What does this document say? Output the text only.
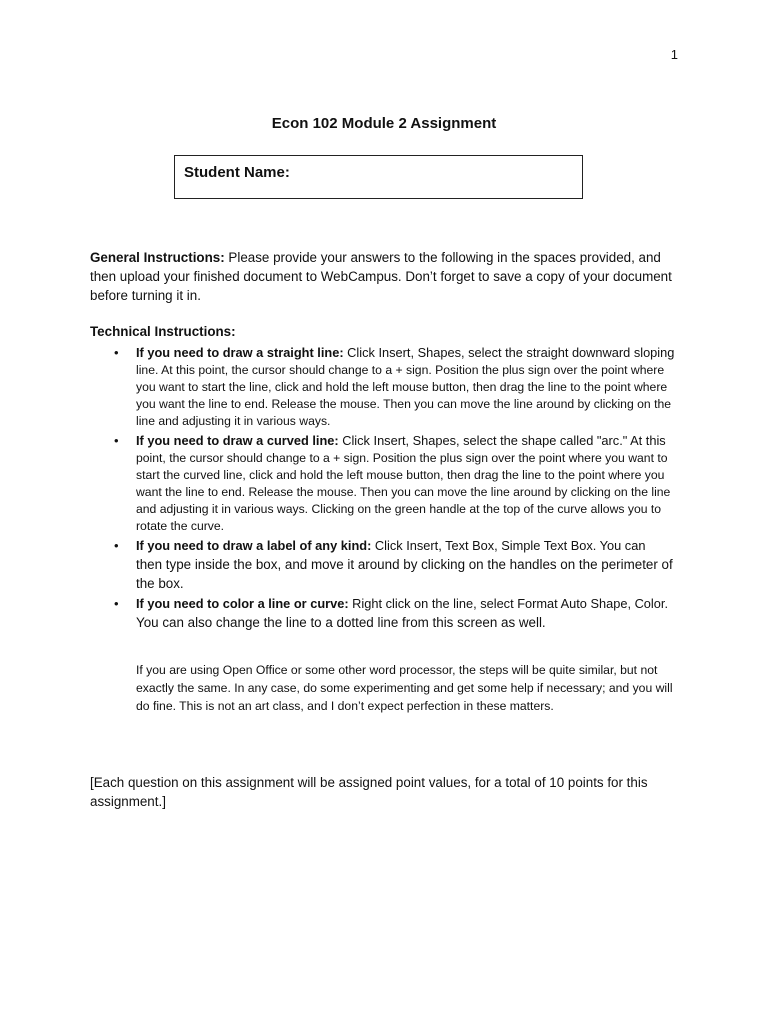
1
Econ 102 Module 2 Assignment
Student Name:
General Instructions: Please provide your answers to the following in the spaces provided, and then upload your finished document to WebCampus. Don’t forget to save a copy of your document before turning it in.
Technical Instructions:
• If you need to draw a straight line: Click Insert, Shapes, select the straight downward sloping
line. At this point, the cursor should change to a + sign. Position the plus sign over the point where you want to start the line, click and hold the left mouse button, then drag the line to the point where you want the line to end. Release the mouse. Then you can move the line around by clicking on the line and adjusting it in various ways.
• If you need to draw a curved line: Click Insert, Shapes, select the shape called "arc." At this
point, the cursor should change to a + sign. Position the plus sign over the point where you want to start the curved line, click and hold the left mouse button, then drag the line to the point where you want the line to end. Release the mouse. Then you can move the line around by clicking on the line and adjusting it in various ways. Clicking on the green handle at the top of the curve allows you to rotate the curve.
• If you need to draw a label of any kind: Click Insert, Text Box, Simple Text Box. You can
then type inside the box, and move it around by clicking on the handles on the perimeter of the box.
• If you need to color a line or curve: Right click on the line, select Format Auto Shape, Color.
You can also change the line to a dotted line from this screen as well.
If you are using Open Office or some other word processor, the steps will be quite similar, but not exactly the same. In any case, do some experimenting and get some help if necessary; and you will do fine. This is not an art class, and I don’t expect perfection in these matters.
[Each question on this assignment will be assigned point values, for a total of 10 points for this assignment.]
